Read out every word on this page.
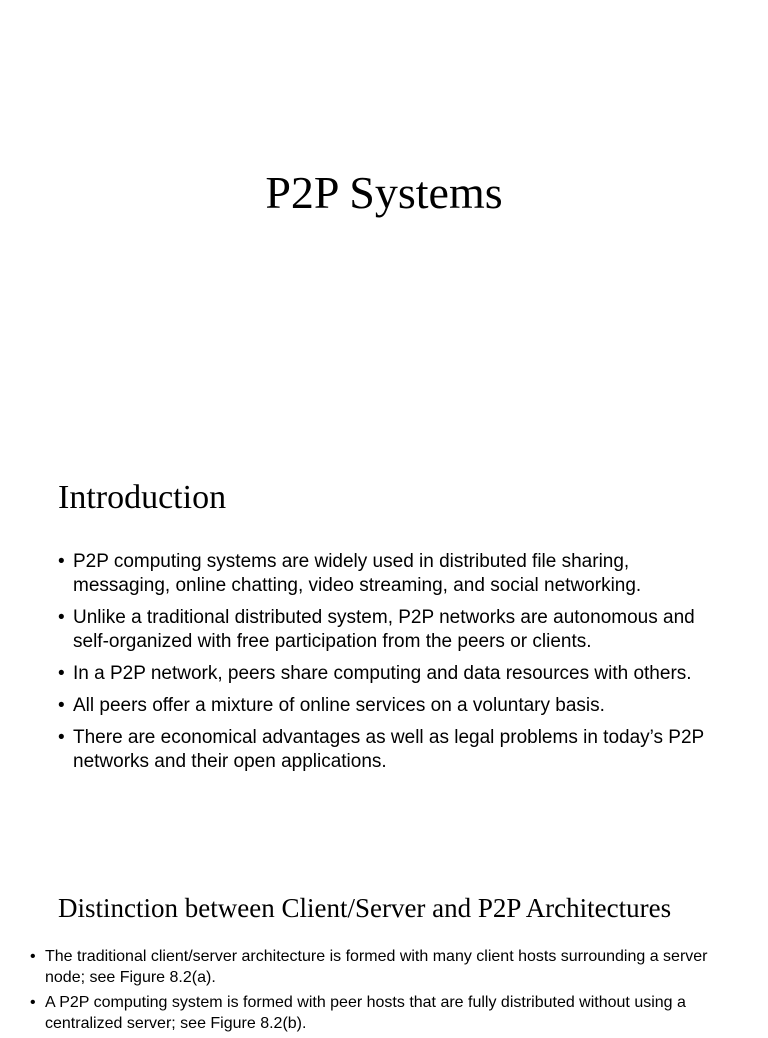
P2P Systems
Introduction
• P2P computing systems are widely used in distributed file sharing, messaging, online chatting, video streaming, and social networking.
• Unlike a traditional distributed system, P2P networks are autonomous and self-organized with free participation from the peers or clients.
• In a P2P network, peers share computing and data resources with others.
• All peers offer a mixture of online services on a voluntary basis.
• There are economical advantages as well as legal problems in today’s P2P networks and their open applications.
Distinction between Client/Server and P2P Architectures
• The traditional client/server architecture is formed with many client hosts surrounding a server node; see Figure 8.2(a).
• A P2P computing system is formed with peer hosts that are fully distributed without using a centralized server; see Figure 8.2(b).
